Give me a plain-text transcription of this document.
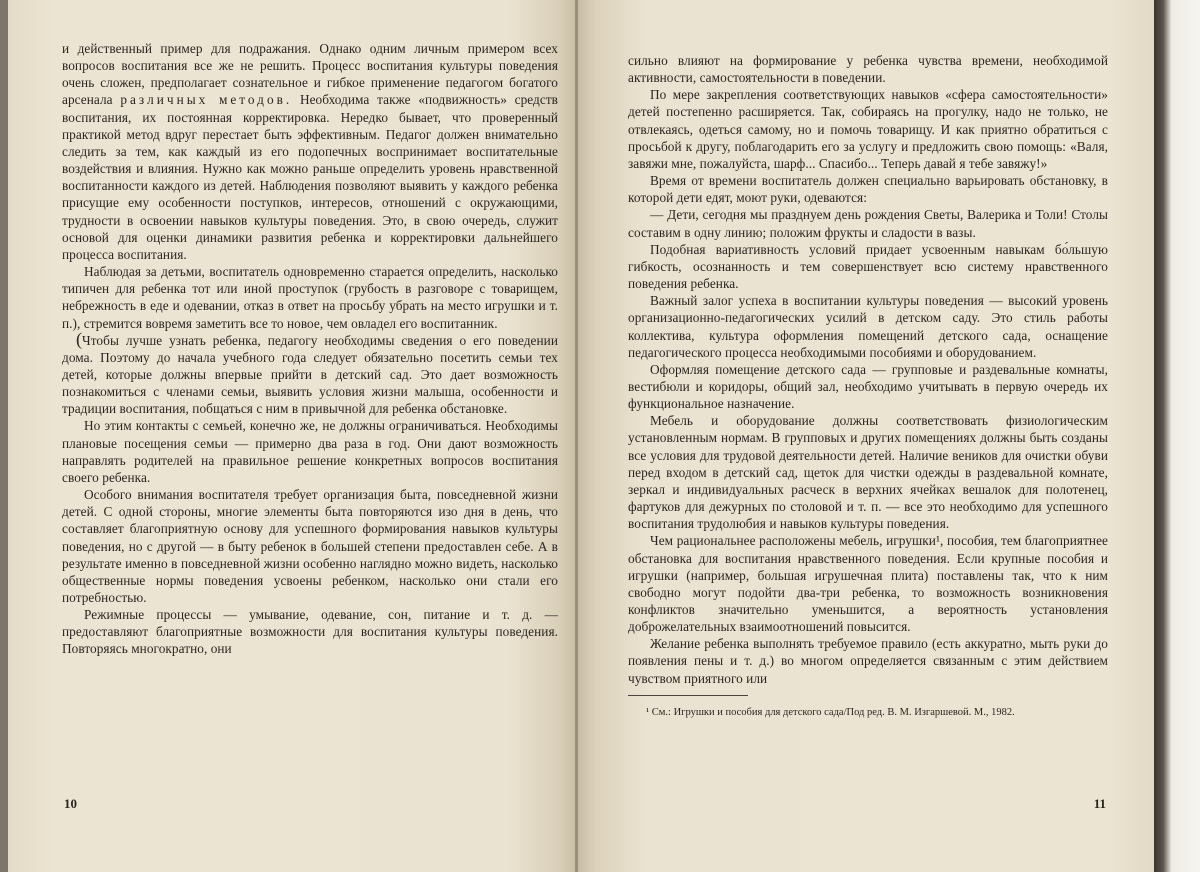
и действенный пример для подражания. Однако одним личным примером всех вопросов воспитания все же не решить. Процесс воспитания культуры поведения очень сложен, предполагает сознательное и гибкое применение педагогом богатого арсенала различных методов. Необходима также «подвижность» средств воспитания, их постоянная корректировка. Нередко бывает, что проверенный практикой метод вдруг перестает быть эффективным. Педагог должен внимательно следить за тем, как каждый из его подопечных воспринимает воспитательные воздействия и влияния. Нужно как можно раньше определить уровень нравственной воспитанности каждого из детей. Наблюдения позволяют выявить у каждого ребенка присущие ему особенности поступков, интересов, отношений с окружающими, трудности в освоении навыков культуры поведения. Это, в свою очередь, служит основой для оценки динамики развития ребенка и корректировки дальнейшего процесса воспитания.

Наблюдая за детьми, воспитатель одновременно старается определить, насколько типичен для ребенка тот или иной проступок (грубость в разговоре с товарищем, небрежность в еде и одевании, отказ в ответ на просьбу убрать на место игрушки и т. п.), стремится вовремя заметить все то новое, чем овладел его воспитанник.

(Чтобы лучше узнать ребенка, педагогу необходимы сведения о его поведении дома. Поэтому до начала учебного года следует обязательно посетить семьи тех детей, которые должны впервые прийти в детский сад. Это дает возможность познакомиться с членами семьи, выявить условия жизни малыша, особенности и традиции воспитания, побщаться с ним в привычной для ребенка обстановке.

Но этим контакты с семьей, конечно же, не должны ограничиваться. Необходимы плановые посещения семьи — примерно два раза в год. Они дают возможность направлять родителей на правильное решение конкретных вопросов воспитания своего ребенка.

Особого внимания воспитателя требует организация быта, повседневной жизни детей. С одной стороны, многие элементы быта повторяются изо дня в день, что составляет благоприятную основу для успешного формирования навыков культуры поведения, но с другой — в быту ребенок в большей степени предоставлен себе. А в результате именно в повседневной жизни особенно наглядно можно видеть, насколько общественные нормы поведения усвоены ребенком, насколько они стали его потребностью.

Режимные процессы — умывание, одевание, сон, питание и т. д. — предоставляют благоприятные возможности для воспитания культуры поведения. Повторяясь многократно, они

10

сильно влияют на формирование у ребенка чувства времени, необходимой активности, самостоятельности в поведении.

По мере закрепления соответствующих навыков «сфера самостоятельности» детей постепенно расширяется. Так, собираясь на прогулку, надо не только, не отвлекаясь, одеться самому, но и помочь товарищу. И как приятно обратиться с просьбой к другу, поблагодарить его за услугу и предложить свою помощь: «Валя, завяжи мне, пожалуйста, шарф... Спасибо... Теперь давай я тебе завяжу!»

Время от времени воспитатель должен специально варьировать обстановку, в которой дети едят, моют руки, одеваются:

— Дети, сегодня мы празднуем день рождения Светы, Валерика и Толи! Столы составим в одну линию; положим фрукты и сладости в вазы.

Подобная вариативность условий придает усвоенным навыкам бо́льшую гибкость, осознанность и тем совершенствует всю систему нравственного поведения ребенка.

Важный залог успеха в воспитании культуры поведения — высокий уровень организационно-педагогических усилий в детском саду. Это стиль работы коллектива, культура оформления помещений детского сада, оснащение педагогического процесса необходимыми пособиями и оборудованием.

Оформляя помещение детского сада — групповые и раздевальные комнаты, вестибюли и коридоры, общий зал, необходимо учитывать в первую очередь их функциональное назначение.

Мебель и оборудование должны соответствовать физиологическим установленным нормам. В групповых и других помещениях должны быть созданы все условия для трудовой деятельности детей. Наличие веников для очистки обуви перед входом в детский сад, щеток для чистки одежды в раздевальной комнате, зеркал и индивидуальных расческ в верхних ячейках вешалок для полотенец, фартуков для дежурных по столовой и т. п. — все это необходимо для успешного воспитания трудолюбия и навыков культуры поведения.

Чем рациональнее расположены мебель, игрушки¹, пособия, тем благоприятнее обстановка для воспитания нравственного поведения. Если крупные пособия и игрушки (например, большая игрушечная плита) поставлены так, что к ним свободно могут подойти два-три ребенка, то возможность возникновения конфликтов значительно уменьшится, а вероятность установления доброжелательных взаимоотношений повысится.

Желание ребенка выполнять требуемое правило (есть аккуратно, мыть руки до появления пены и т. д.) во многом определяется связанным с этим действием чувством приятного или

¹ См.: Игрушки и пособия для детского сада/Под ред. В. М. Изгаршевой. М., 1982.
11
